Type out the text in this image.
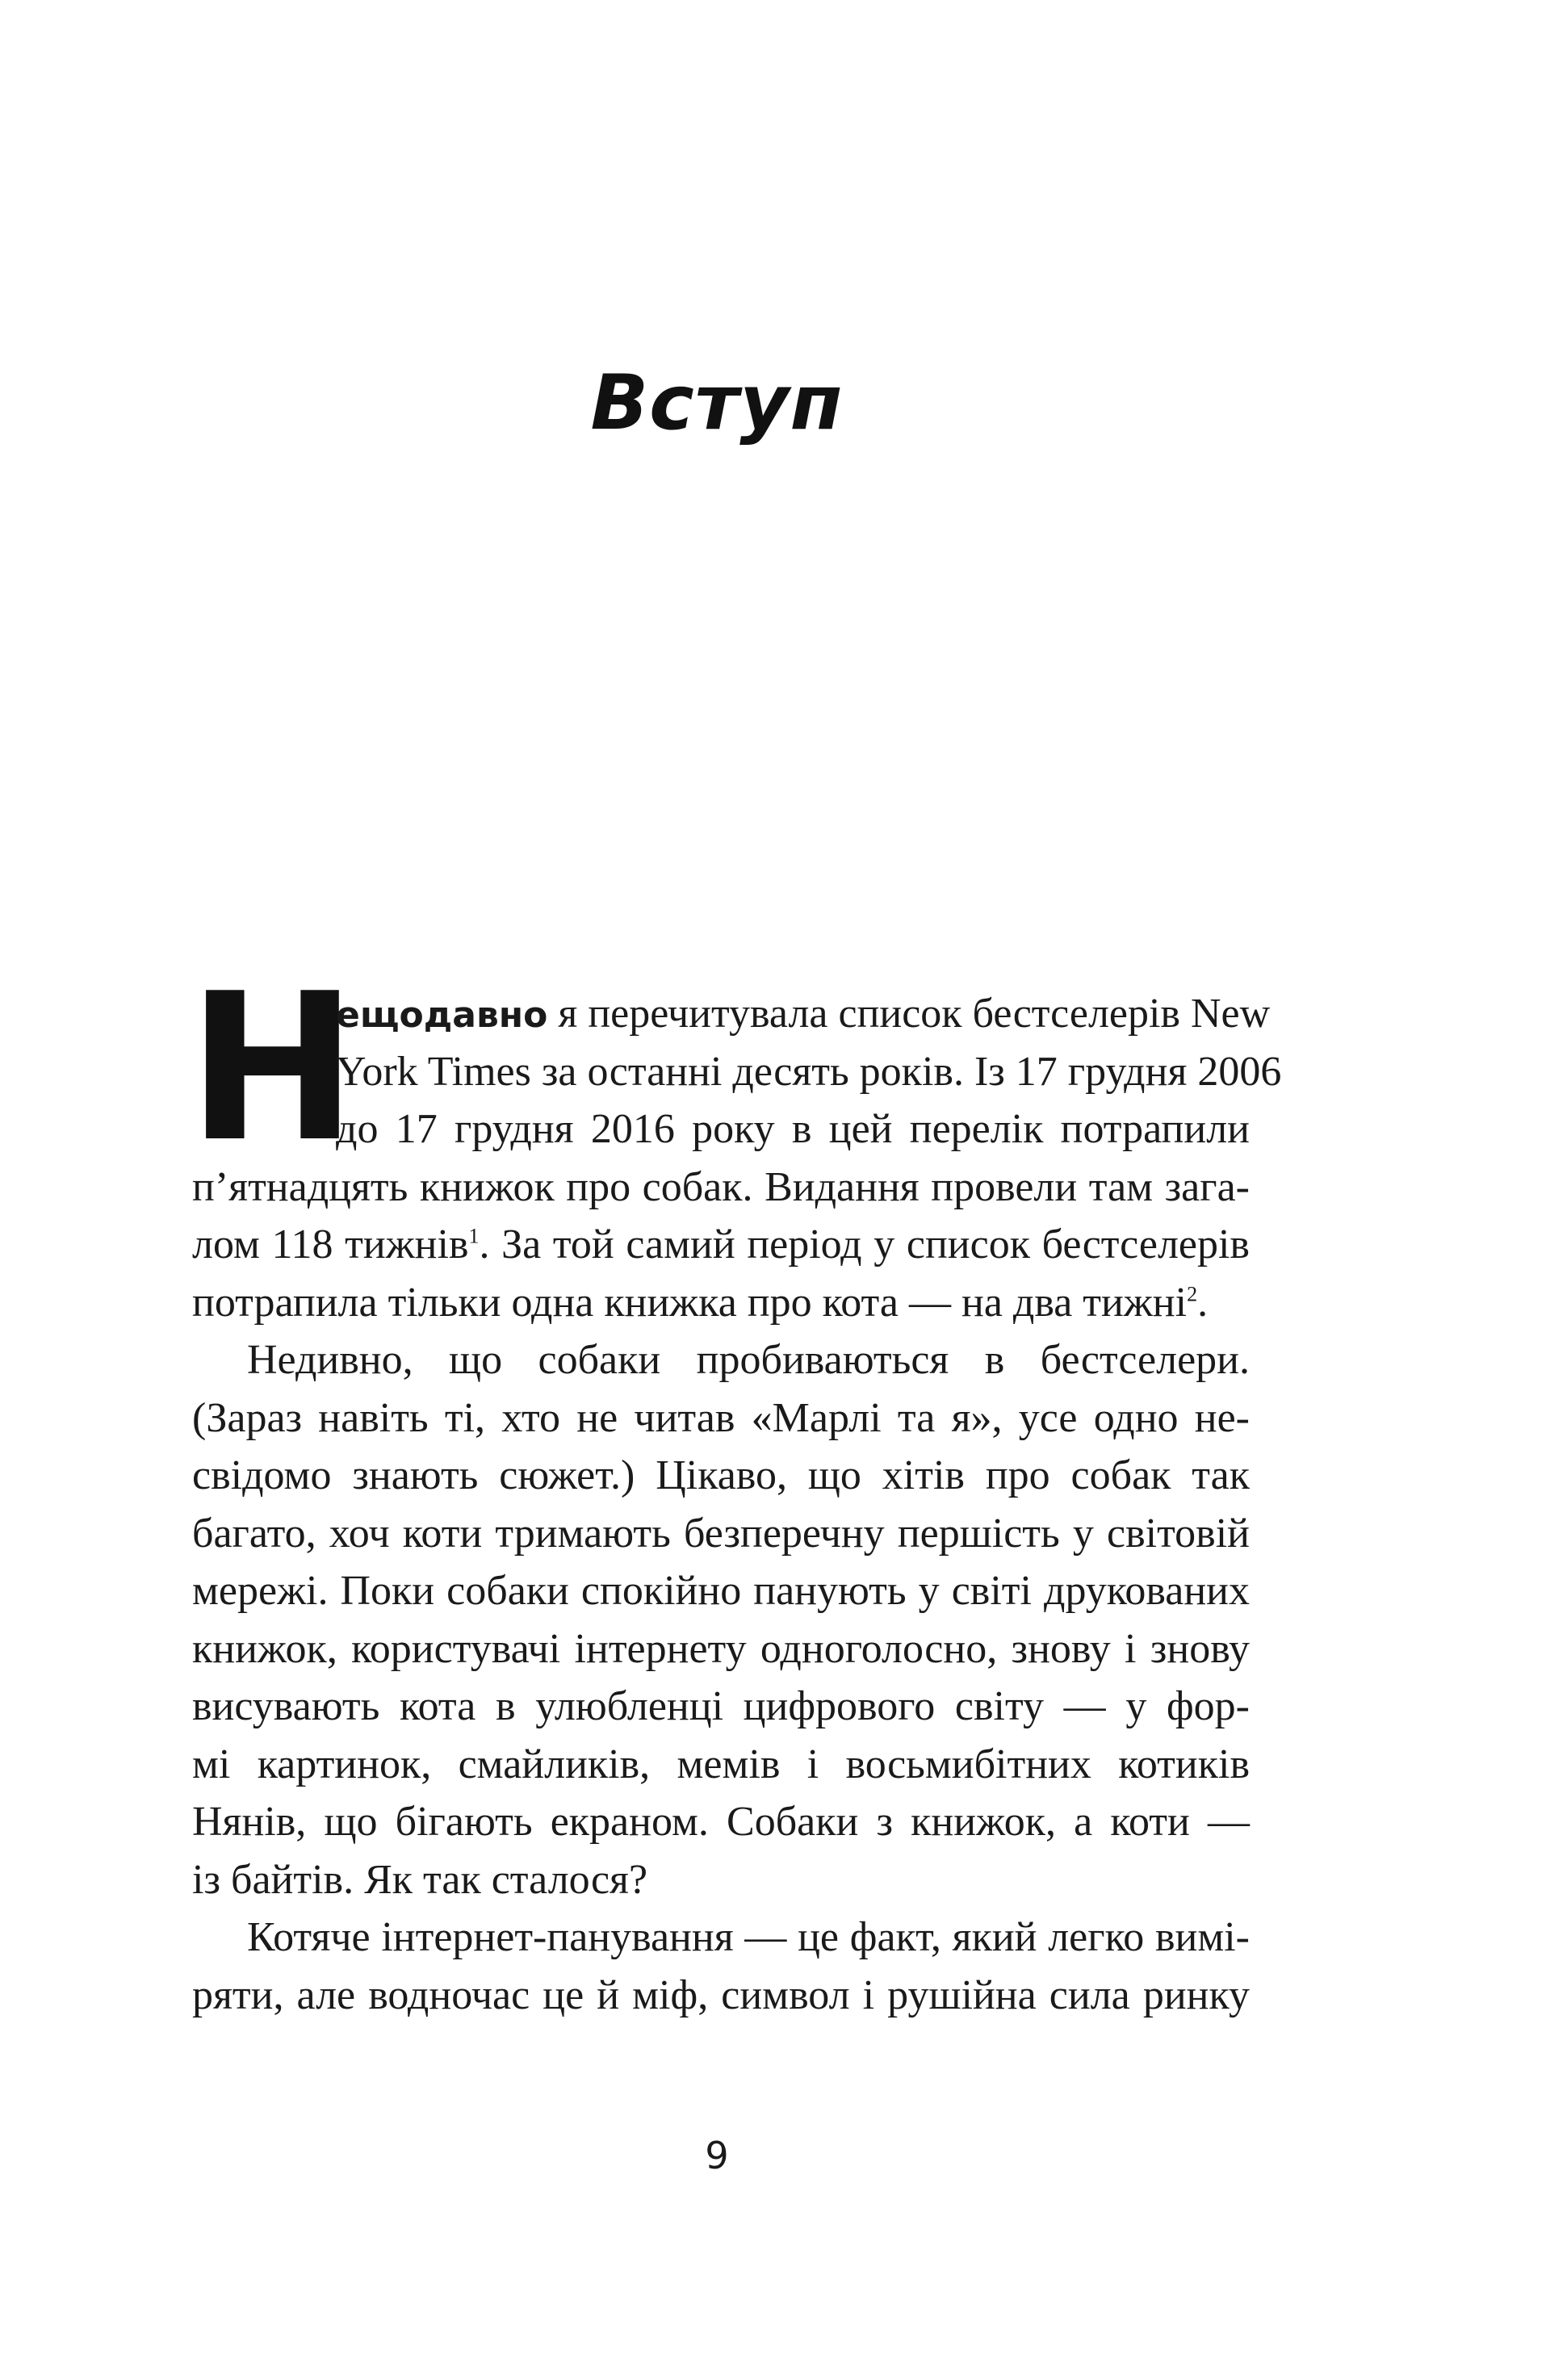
Вступ
Н
ещодавно я перечитувала список бестселерів New
York Times за останні десять років. Із 17 грудня 2006
до 17 грудня 2016 року в цей перелік потрапили
п’ятнадцять книжок про собак. Видання провели там зага-
лом 118 тижнів$^1$. За той самий період у список бестселерів
потрапила тільки одна книжка про кота — на два тижні$^2$.
Недивно, що собаки пробиваються в бестселери.
(Зараз навіть ті, хто не читав «Марлі та я», усе одно не-
свідомо знають сюжет.) Цікаво, що хітів про собак так
багато, хоч коти тримають безперечну першість у світовій
мережі. Поки собаки спокійно панують у світі друкованих
книжок, користувачі інтернету одноголосно, знову і знову
висувають кота в улюбленці цифрового світу — у фор-
мі картинок, смайликів, мемів і восьмибітних котиків
Нянів, що бігають екраном. Собаки з книжок, а коти —
із байтів. Як так сталося?
Котяче інтернет-панування — це факт, який легко вимі-
ряти, але водночас це й міф, символ і рушійна сила ринку
9
